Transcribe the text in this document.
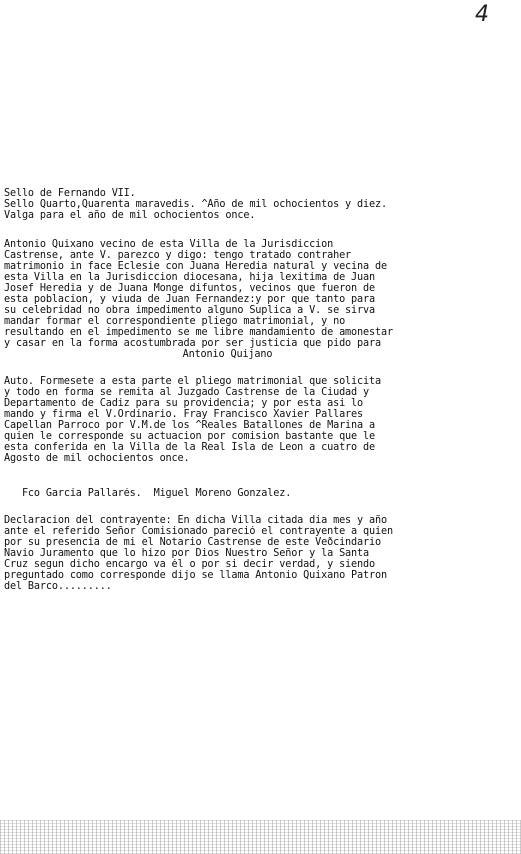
4
Sello de Fernando VII.
Sello Quarto,Quarenta maravedis. ^Año de mil ochocientos y diez.
Valga para el año de mil ochocientos once.
Antonio Quixano vecino de esta Villa de la Jurisdiccion
Castrense, ante V. parezco y digo: tengo tratado contraher
matrimonio in face Eclesie con Juana Heredia natural y vecina de
esta Villa en la Jurisdiccion diocesana, hija lexitima de Juan
Josef Heredia y de Juana Monge difuntos, vecinos que fueron de
esta poblacion, y viuda de Juan Fernandez:y por que tanto para
su celebridad no obra impedimento alguno Suplica a V. se sirva
mandar formar el correspondiente pliego matrimonial, y no
resultando en el impedimento se me libre mandamiento de amonestar
y casar en la forma acostumbrada por ser justicia que pido para
Antonio Quijano
Auto. Formesete a esta parte el pliego matrimonial que solicita
y todo en forma se remita al Juzgado Castrense de la Ciudad y
Departamento de Cadiz para su providencia; y por esta asi lo
mando y firma el V.Ordinario. Fray Francisco Xavier Pallares
Capellan Parroco por V.M.de los ^Reales Batallones de Marina a
quien le corresponde su actuacion por comision bastante que le
esta conferida en la Villa de la Real Isla de Leon a cuatro de
Agosto de mil ochocientos once.
Fco Garcia Pallarés.  Miguel Moreno Gonzalez.
Declaracion del contrayente: En dicha Villa citada dia mes y año
ante el referido Señor Comisionado pareció el contrayente a quien
por su presencia de mi el Notario Castrense de este Veðcindario
Navio Juramento que lo hizo por Dios Nuestro Señor y la Santa
Cruz segun dicho encargo va él o por si decir verdad, y siendo
preguntado como corresponde dijo se llama Antonio Quixano Patron
del Barco.........
